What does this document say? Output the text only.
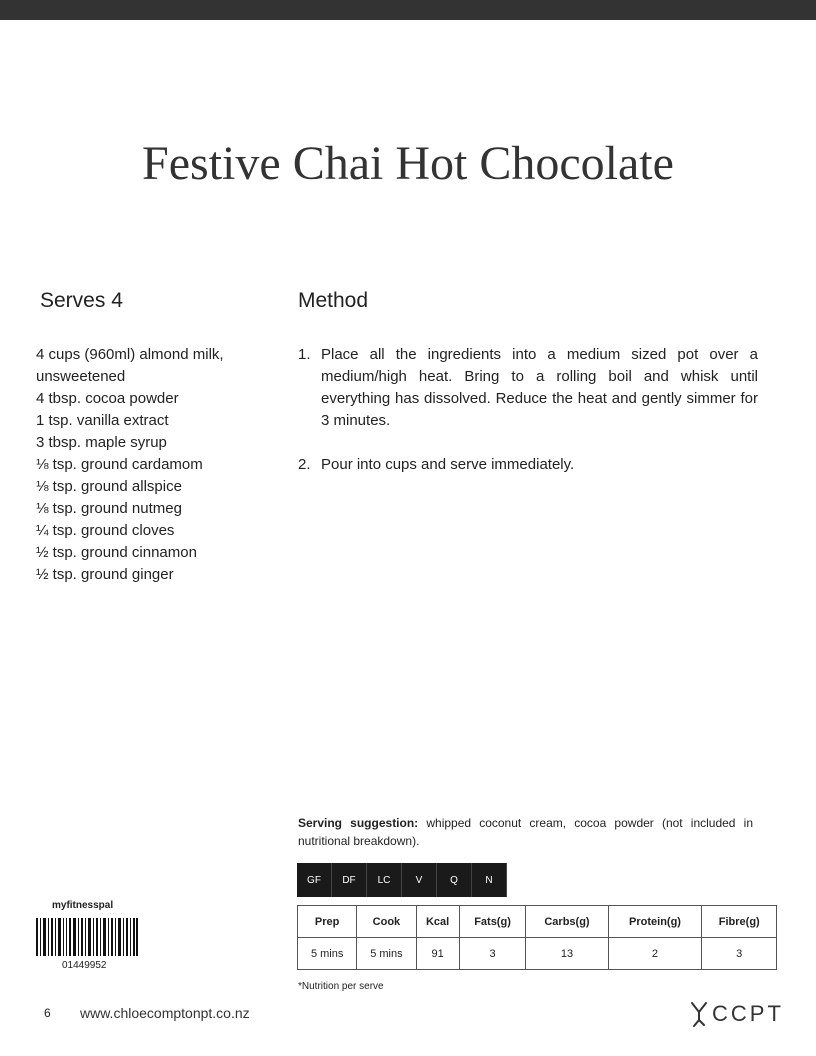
Festive Chai Hot Chocolate
Serves 4	Method
4 cups (960ml) almond milk, unsweetened
4 tbsp. cocoa powder
1 tsp. vanilla extract
3 tbsp. maple syrup
⅛ tsp. ground cardamom
⅛ tsp. ground allspice
⅛ tsp. ground nutmeg
¼ tsp. ground cloves
½ tsp. ground cinnamon
½ tsp. ground ginger
1. Place all the ingredients into a medium sized pot over a medium/high heat. Bring to a rolling boil and whisk until everything has dissolved. Reduce the heat and gently simmer for 3 minutes.
2. Pour into cups and serve immediately.
Serving suggestion: whipped coconut cream, cocoa powder (not included in nutritional breakdown).
GF	DF	LC	V	Q	N
Prep	Cook	Kcal	Fats(g)	Carbs(g)	Protein(g)	Fibre(g)
5 mins	5 mins	91	3	13	2	3
*Nutrition per serve
myfitnesspal
01449952
6 www.chloecomptonpt.co.nz	CCPT
